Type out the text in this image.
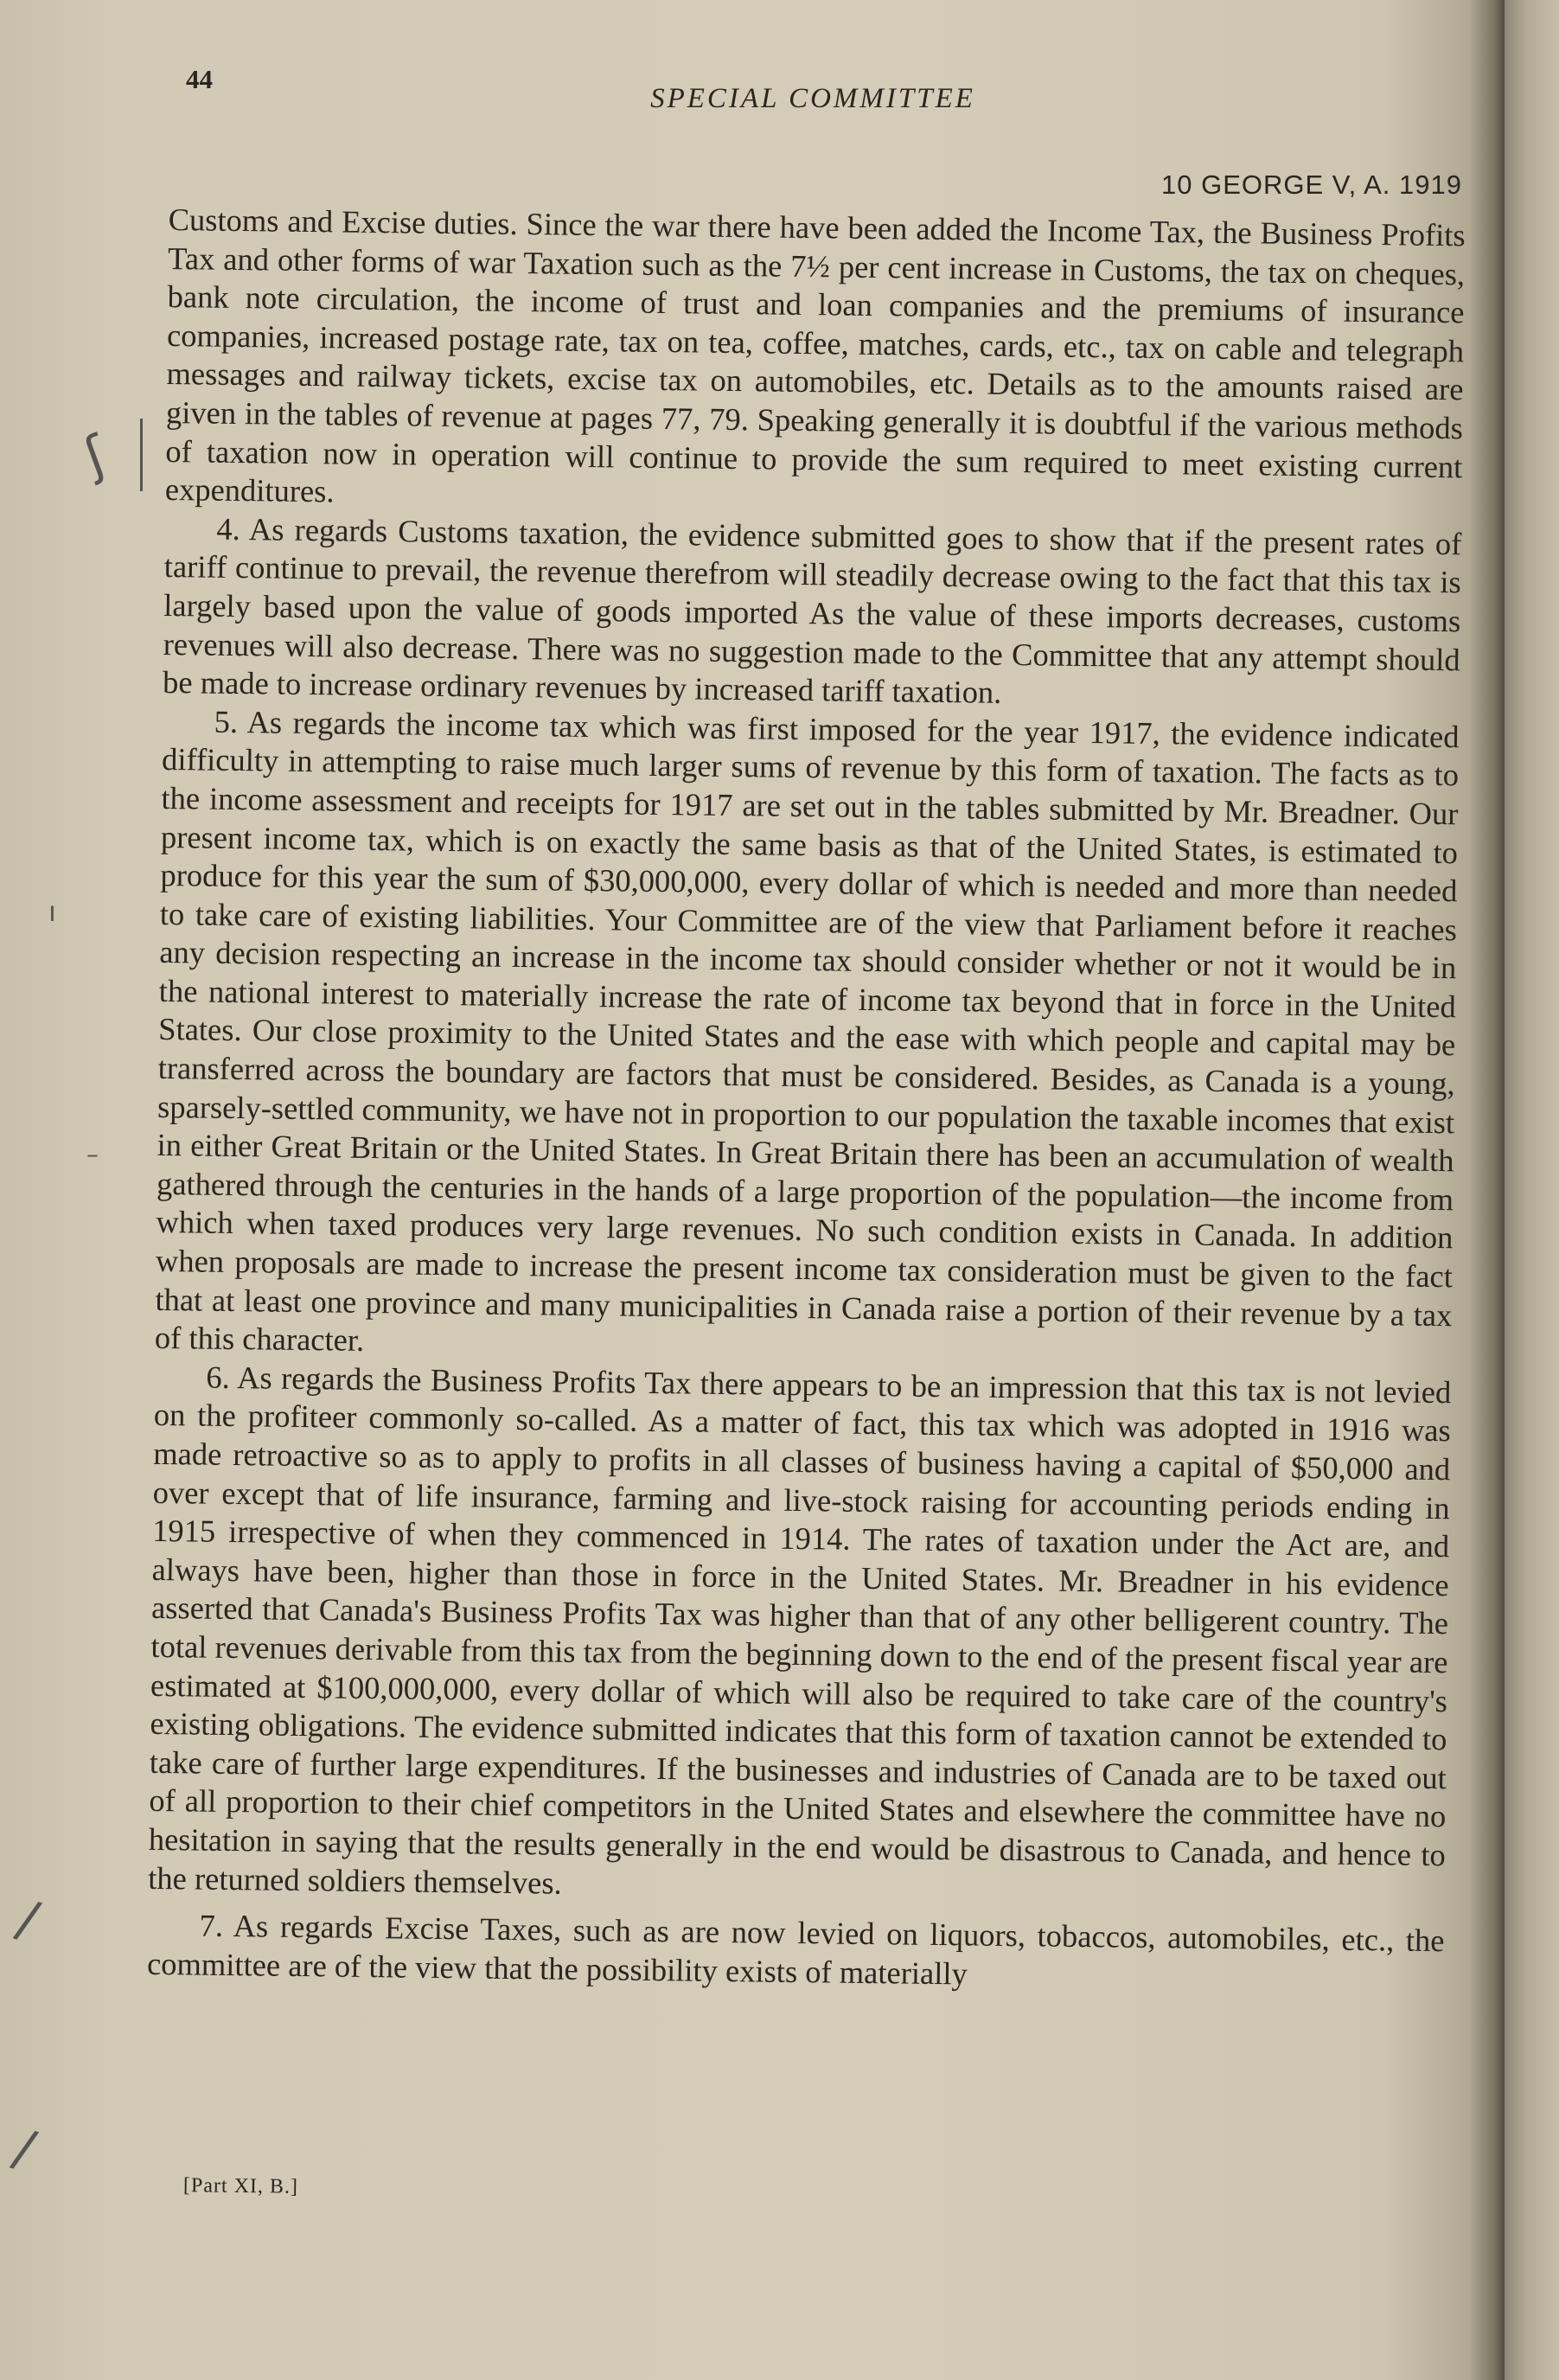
44
SPECIAL COMMITTEE
10 GEORGE V, A. 1919

Customs and Excise duties. Since the war there have been added the Income Tax, the Business Profits Tax and other forms of war Taxation such as the 7½ per cent increase in Customs, the tax on cheques, bank note circulation, the income of trust and loan companies and the premiums of insurance companies, increased postage rate, tax on tea, coffee, matches, cards, etc., tax on cable and telegraph messages and railway tickets, excise tax on automobiles, etc. Details as to the amounts raised are given in the tables of revenue at pages 77, 79. Speaking generally it is doubtful if the various methods of taxation now in operation will continue to provide the sum required to meet existing current expenditures.

4. As regards Customs taxation, the evidence submitted goes to show that if the present rates of tariff continue to prevail, the revenue therefrom will steadily decrease owing to the fact that this tax is largely based upon the value of goods imported As the value of these imports decreases, customs revenues will also decrease. There was no suggestion made to the Committee that any attempt should be made to increase ordinary revenues by increased tariff taxation.

5. As regards the income tax which was first imposed for the year 1917, the evidence indicated difficulty in attempting to raise much larger sums of revenue by this form of taxation. The facts as to the income assessment and receipts for 1917 are set out in the tables submitted by Mr. Breadner. Our present income tax, which is on exactly the same basis as that of the United States, is estimated to produce for this year the sum of $30,000,000, every dollar of which is needed and more than needed to take care of existing liabilities. Your Committee are of the view that Parliament before it reaches any decision respecting an increase in the income tax should consider whether or not it would be in the national interest to materially increase the rate of income tax beyond that in force in the United States. Our close proximity to the United States and the ease with which people and capital may be transferred across the boundary are factors that must be considered. Besides, as Canada is a young, sparsely-settled community, we have not in proportion to our population the taxable incomes that exist in either Great Britain or the United States. In Great Britain there has been an accumulation of wealth gathered through the centuries in the hands of a large proportion of the population—the income from which when taxed produces very large revenues. No such condition exists in Canada. In addition when proposals are made to increase the present income tax consideration must be given to the fact that at least one province and many municipalities in Canada raise a portion of their revenue by a tax of this character.

6. As regards the Business Profits Tax there appears to be an impression that this tax is not levied on the profiteer commonly so-called. As a matter of fact, this tax which was adopted in 1916 was made retroactive so as to apply to profits in all classes of business having a capital of $50,000 and over except that of life insurance, farming and live-stock raising for accounting periods ending in 1915 irrespective of when they commenced in 1914. The rates of taxation under the Act are, and always have been, higher than those in force in the United States. Mr. Breadner in his evidence asserted that Canada's Business Profits Tax was higher than that of any other belligerent country. The total revenues derivable from this tax from the beginning down to the end of the present fiscal year are estimated at $100,000,000, every dollar of which will also be required to take care of the country's existing obligations. The evidence submitted indicates that this form of taxation cannot be extended to take care of further large expenditures. If the businesses and industries of Canada are to be taxed out of all proportion to their chief competitors in the United States and elsewhere the committee have no hesitation in saying that the results generally in the end would be disastrous to Canada, and hence to the returned soldiers themselves.

7. As regards Excise Taxes, such as are now levied on liquors, tobaccos, automobiles, etc., the committee are of the view that the possibility exists of materially

[Part XI, B.]
ʃ
ı
–
/
/
